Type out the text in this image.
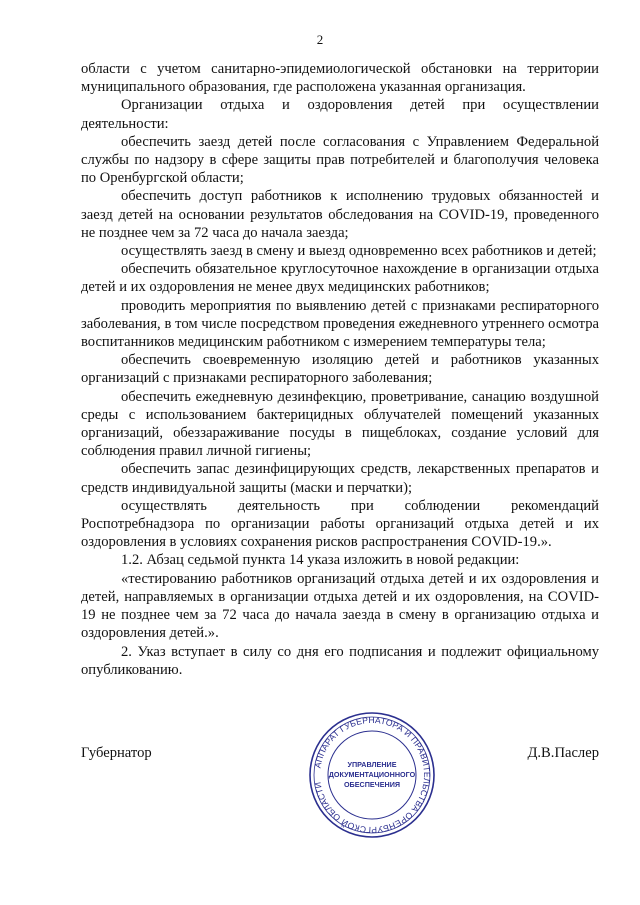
2

области с учетом санитарно-эпидемиологической обстановки на территории муниципального образования, где расположена указанная организация.

Организации отдыха и оздоровления детей при осуществлении деятельности:

обеспечить заезд детей после согласования с Управлением Федеральной службы по надзору в сфере защиты прав потребителей и благополучия человека по Оренбургской области;

обеспечить доступ работников к исполнению трудовых обязанностей и заезд детей на основании результатов обследования на COVID-19, проведенного не позднее чем за 72 часа до начала заезда;

осуществлять заезд в смену и выезд одновременно всех работников и детей;

обеспечить обязательное круглосуточное нахождение в организации отдыха детей и их оздоровления не менее двух медицинских работников;

проводить мероприятия по выявлению детей с признаками респираторного заболевания, в том числе посредством проведения ежедневного утреннего осмотра воспитанников медицинским работником с измерением температуры тела;

обеспечить своевременную изоляцию детей и работников указанных организаций с признаками респираторного заболевания;

обеспечить ежедневную дезинфекцию, проветривание, санацию воздушной среды с использованием бактерицидных облучателей помещений указанных организаций, обеззараживание посуды в пищеблоках, создание условий для соблюдения правил личной гигиены;

обеспечить запас дезинфицирующих средств, лекарственных препаратов и средств индивидуальной защиты (маски и перчатки);

осуществлять деятельность при соблюдении рекомендаций Роспотребнадзора по организации работы организаций отдыха детей и их оздоровления в условиях сохранения рисков распространения COVID-19.».

1.2. Абзац седьмой пункта 14 указа изложить в новой редакции:

«тестированию работников организаций отдыха детей и их оздоровления и детей, направляемых в организации отдыха детей и их оздоровления, на COVID-19 не позднее чем за 72 часа до начала заезда в смену в организацию отдыха и оздоровления детей.».

2. Указ вступает в силу со дня его подписания и подлежит официальному опубликованию.

Губернатор	Д.В.Паслер
АППАРАТ ГУБЕРНАТОРА И ПРАВИТЕЛЬСТВА ОРЕНБУРГСКОЙ ОБЛАСТИ
УПРАВЛЕНИЕ
ДОКУМЕНТАЦИОННОГО
ОБЕСПЕЧЕНИЯ
